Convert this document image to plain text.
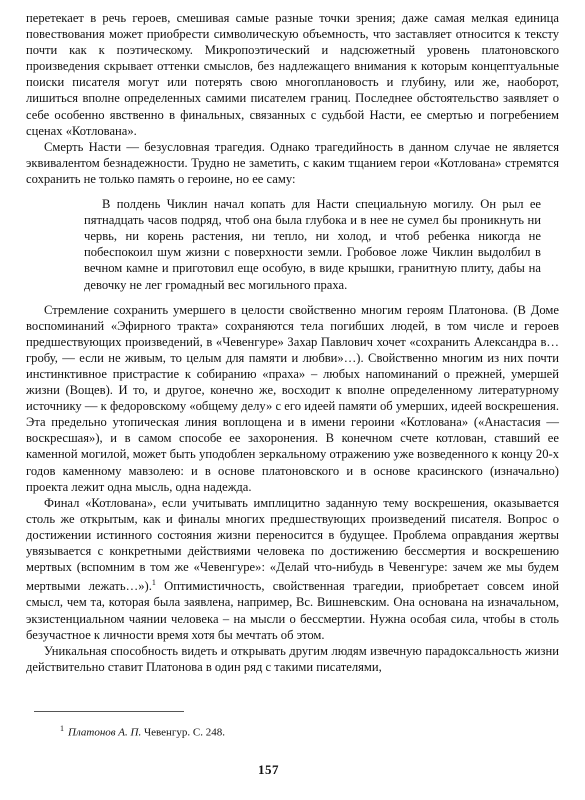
перетекает в речь героев, смешивая самые разные точки зрения; даже самая мелкая единица повествования может приобрести символическую объемность, что заставляет относится к тексту почти как к поэтическому. Микропоэтический и надсюжетный уровень платоновского произведения скрывает оттенки смыслов, без надлежащего внимания к которым концептуальные поиски писателя могут или потерять свою многоплановость и глубину, или же, наоборот, лишиться вполне определенных самими писателем границ. Последнее обстоятельство заявляет о себе особенно явственно в финальных, связанных с судьбой Насти, ее смертью и погребением сценах «Котлована».

Смерть Насти — безусловная трагедия. Однако трагедийность в данном случае не является эквивалентом безнадежности. Трудно не заметить, с каким тщанием герои «Котлована» стремятся сохранить не только память о героине, но ее саму:

В полдень Чиклин начал копать для Насти специальную могилу. Он рыл ее пятнадцать часов подряд, чтоб она была глубока и в нее не сумел бы проникнуть ни червь, ни корень растения, ни тепло, ни холод, и чтоб ребенка никогда не побеспокоил шум жизни с поверхности земли. Гробовое ложе Чиклин выдолбил в вечном камне и приготовил еще особую, в виде крышки, гранитную плиту, дабы на девочку не лег громадный вес могильного праха.

Стремление сохранить умершего в целости свойственно многим героям Платонова. (В Доме воспоминаний «Эфирного тракта» сохраняются тела погибших людей, в том числе и героев предшествующих произведений, в «Чевенгуре» Захар Павлович хочет «сохранить Александра в… гробу, — если не живым, то целым для памяти и любви»…). Свойственно многим из них почти инстинктивное пристрастие к собиранию «праха» – любых напоминаний о прежней, умершей жизни (Вощев). И то, и другое, конечно же, восходит к вполне определенному литературному источнику — к федоровскому «общему делу» с его идеей памяти об умерших, идеей воскрешения. Эта предельно утопическая линия воплощена и в имени героини «Котлована» («Анастасия — воскресшая»), и в самом способе ее захоронения. В конечном счете котлован, ставший ее каменной могилой, может быть уподоблен зеркальному отражению уже возведенного к концу 20-х годов каменному мавзолею: и в основе платоновского и в основе красинского (изначально) проекта лежит одна мысль, одна надежда.

Финал «Котлована», если учитывать имплицитно заданную тему воскрешения, оказывается столь же открытым, как и финалы многих предшествующих произведений писателя. Вопрос о достижении истинного состояния жизни переносится в будущее. Проблема оправдания жертвы увязывается с конкретными действиями человека по достижению бессмертия и воскрешению мертвых (вспомним в том же «Чевенгуре»: «Делай что-нибудь в Чевенгуре: зачем же мы будем мертвыми лежать…»).$^1$ Оптимистичность, свойственная трагедии, приобретает совсем иной смысл, чем та, которая была заявлена, например, Вс. Вишневским. Она основана на изначальном, экзистенциальном чаянии человека – на мысли о бессмертии. Нужна особая сила, чтобы в столь безучастное к личности время хотя бы мечтать об этом.

Уникальная способность видеть и открывать другим людям извечную парадоксальность жизни действительно ставит Платонова в один ряд с такими писателями,

$^1$ Платонов А. П. Чевенгур. С. 248.
157
